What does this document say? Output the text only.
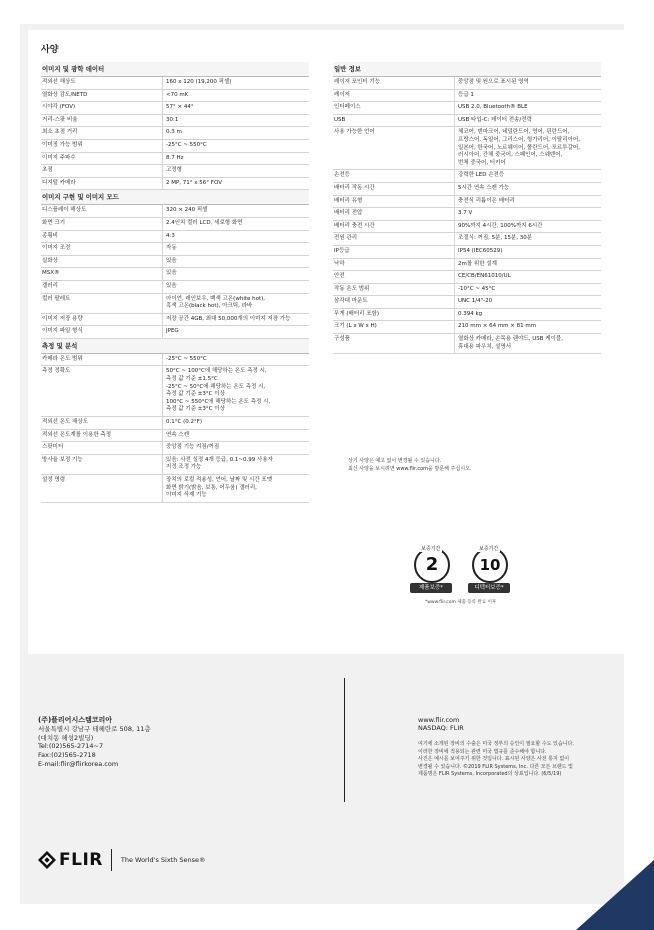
사양
이미지 및 광학 데이터
적외선 해상도	160 x 120 (19,200 픽셀)
열화상 감도/NETD	<70 mK
시야각 (FOV)	57° × 44°
거리-스팟 비율	30:1
최소 초점 거리	0.3 m
이미징 가능 범위	-25°C ~ 550°C
이미지 주파수	8.7 Hz
초점	고정형
디지털 카메라	2 MP, 71° x 56° FOV
이미지 구현 및 이미지 모드
디스플레이 해상도	320 × 240 픽셀
화면 크기	2.4인치 컬러 LCD, 세로형 화면
종횡비	4:3
이미지 조정	자동
실화상	있음
MSX®	있음
갤러리	있음
컬러 팔레트	아이언, 레인보우, 백색 고온(white hot),
흑색 고온(black hot), 아크틱, 라바
이미지 저장 용량	저장 공간 4GB, 최대 50,000개의 이미지 저장 가능
이미지 파일 형식	JPEG
측정 및 분석
카메라 온도 범위	-25°C ~ 550°C
측정 정확도	50°C ~ 100°C에 해당하는 온도 측정 시,
측정 값 기준 ±1.5°C
-25°C ~ 50°C에 해당하는 온도 측정 시,
측정 값 기준 ±3°C 이상
100°C ~ 550°C에 해당하는 온도 측정 시,
측정 값 기준 ±3°C 이상
적외선 온도 해상도	0.1°C (0.2°F)
적외선 온도계를 이용한 측정	연속 스캔
스팟미터	중앙점 기능 켜짐/꺼짐
방사율 보정 기능	있음: 사전 설정 4개 등급, 0.1~0.99 사용자
지정 조정 가능
설정 명령	장치의 로컬 적용성, 언어, 날짜 및 시간 포맷
화면 밝기(밝음, 보통, 어두움) 갤러리,
이미지 삭제 기능
일반 정보
레이저 포인터 기능	중앙점 및 원으로 표시된 영역
레이저	등급 1
인터페이스	USB 2.0, Bluetooth® BLE
USB	USB 타입-C: 데이터 전송/전력
사용 가능한 언어	체코어, 덴마크어, 네덜란드어, 영어, 핀란드어,
프랑스어, 독일어, 그리스어, 헝가리어, 이탈리아어,
일본어, 한국어, 노르웨이어, 폴란드어, 포르투갈어,
러시아어, 간체 중국어, 스페인어, 스웨덴어,
번체 중국어, 터키어
손전등	강력한 LED 손전등
배터리 작동 시간	5시간 연속 스캔 가능
배터리 유형	충전식 리튬이온 배터리
배터리 전압	3.7 V
배터리 충전 시간	90%까지 4시간, 100%까지 6시간
전원 관리	조절식: 꺼짐, 5분, 15분, 30분
IP등급	IP54 (IEC60529)
낙하	2m를 위한 설계
안전	CE/CB/EN61010/UL
작동 온도 범위	-10°C ~ 45°C
삼각대 마운트	UNC 1/4"-20
무게 (배터리 포함)	0.394 kg
크기 (L x W x H)	210 mm × 64 mm × 81 mm
구성품	열화상 카메라, 손목용 랜야드, USB 케이블,
휴대용 파우치, 설명서
상기 사양은 예고 없이 변경될 수 있습니다.
최신 사양을 보시려면 www.flir.com을 방문해 주십시오.
2
보증기간
제품보증*
10
보증기간
디텍터보증*
*www.flir.com 제품 등록 완료 이후
(주)플리어시스템코리아
서울특별시 강남구 테헤란로 508, 11층
(대치동 해성2빌딩)
Tel:(02)565-2714~7
Fax:(02)565-2718
E-mail:flir@flirkorea.com
www.flir.com
NASDAQ: FLIR
여기에 소개된 장비의 수출은 미국 정부의 승인이 필요할 수도 있습니다.
이러한 장비에 적용되는 관련 미국 법규를 준수해야 합니다.
사진은 예시를 보여주기 위한 것입니다. 표시된 사양은 사전 통지 없이
변경될 수 있습니다. ©2019 FLIR Systems, Inc. 다른 모든 브랜드 및
제품명은 FLIR Systems, Incorporated의 상표입니다. (6/5/19)
FLIR	The World's Sixth Sense®
